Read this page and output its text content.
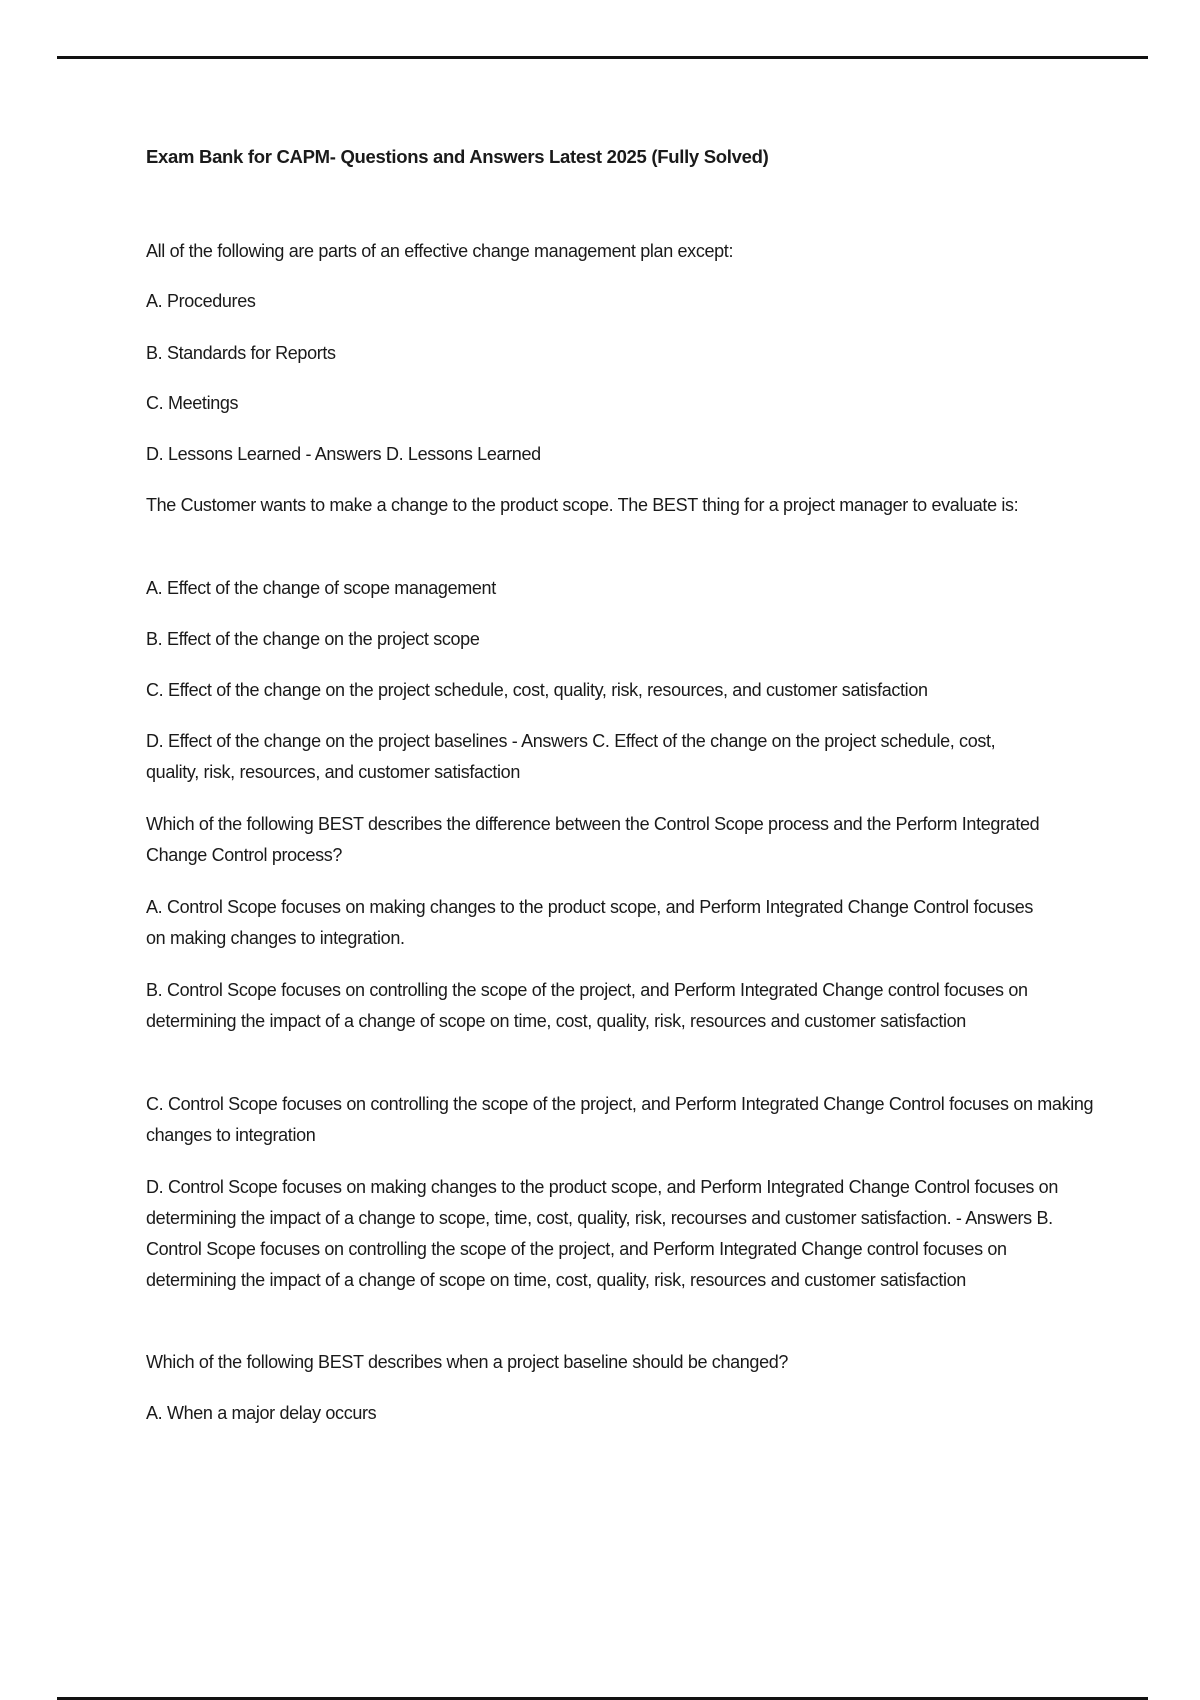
Exam Bank for CAPM- Questions and Answers Latest 2025 (Fully Solved)
All of the following are parts of an effective change management plan except:
A. Procedures
B. Standards for Reports
C. Meetings
D. Lessons Learned - Answers D. Lessons Learned
The Customer wants to make a change to the product scope. The BEST thing for a project manager to evaluate is:
A. Effect of the change of scope management
B. Effect of the change on the project scope
C. Effect of the change on the project schedule, cost, quality, risk, resources, and customer satisfaction
D. Effect of the change on the project baselines - Answers C. Effect of the change on the project schedule, cost, quality, risk, resources, and customer satisfaction
Which of the following BEST describes the difference between the Control Scope process and the Perform Integrated Change Control process?
A. Control Scope focuses on making changes to the product scope, and Perform Integrated Change Control focuses on making changes to integration.
B. Control Scope focuses on controlling the scope of the project, and Perform Integrated Change control focuses on determining the impact of a change of scope on time, cost, quality, risk, resources and customer satisfaction
C. Control Scope focuses on controlling the scope of the project, and Perform Integrated Change Control focuses on making changes to integration
D. Control Scope focuses on making changes to the product scope, and Perform Integrated Change Control focuses on determining the impact of a change to scope, time, cost, quality, risk, recourses and customer satisfaction. - Answers B. Control Scope focuses on controlling the scope of the project, and Perform Integrated Change control focuses on determining the impact of a change of scope on time, cost, quality, risk, resources and customer satisfaction
Which of the following BEST describes when a project baseline should be changed?
A. When a major delay occurs
